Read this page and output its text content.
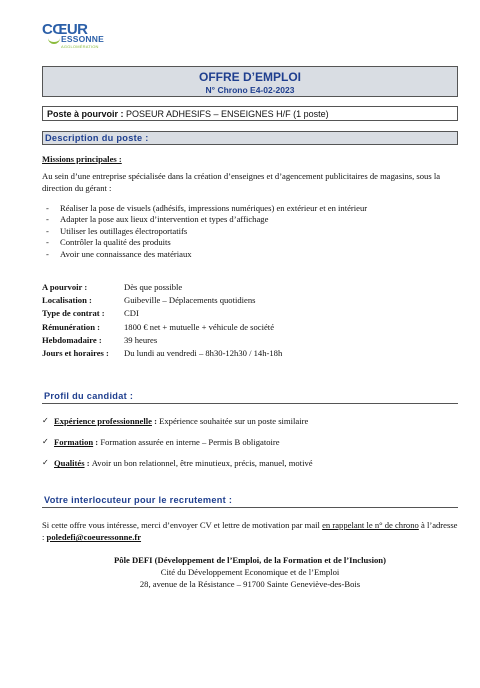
CŒUR
ESSONNE
AGGLOMÉRATION
OFFRE D’EMPLOI
N° Chrono E4-02-2023
Poste à pourvoir : POSEUR ADHESIFS – ENSEIGNES H/F (1 poste)
Description du poste :
Missions principales :
Au sein d’une entreprise spécialisée dans la création d’enseignes et d’agencement publicitaires de magasins, sous la direction du gérant :
- Réaliser la pose de visuels (adhésifs, impressions numériques) en extérieur et en intérieur
- Adapter la pose aux lieux d’intervention et types d’affichage
- Utiliser les outillages électroportatifs
- Contrôler la qualité des produits
- Avoir une connaissance des matériaux
A pourvoir :	Dès que possible
Localisation :	Guibeville – Déplacements quotidiens
Type de contrat :	CDI
Rémunération :	1800 € net + mutuelle + véhicule de société
Hebdomadaire :	39 heures
Jours et horaires :	Du lundi au vendredi – 8h30-12h30 / 14h-18h
Profil du candidat :
✓ Expérience professionnelle : Expérience souhaitée sur un poste similaire
✓ Formation : Formation assurée en interne – Permis B obligatoire
✓ Qualités : Avoir un bon relationnel, être minutieux, précis, manuel, motivé
Votre interlocuteur pour le recrutement :
Si cette offre vous intéresse, merci d’envoyer CV et lettre de motivation par mail en rappelant le n° de chrono à l’adresse : poledefi@coeuressonne.fr
Pôle DEFI (Développement de l’Emploi, de la Formation et de l’Inclusion)
Cité du Développement Economique et de l’Emploi
28, avenue de la Résistance – 91700 Sainte Geneviève-des-Bois
